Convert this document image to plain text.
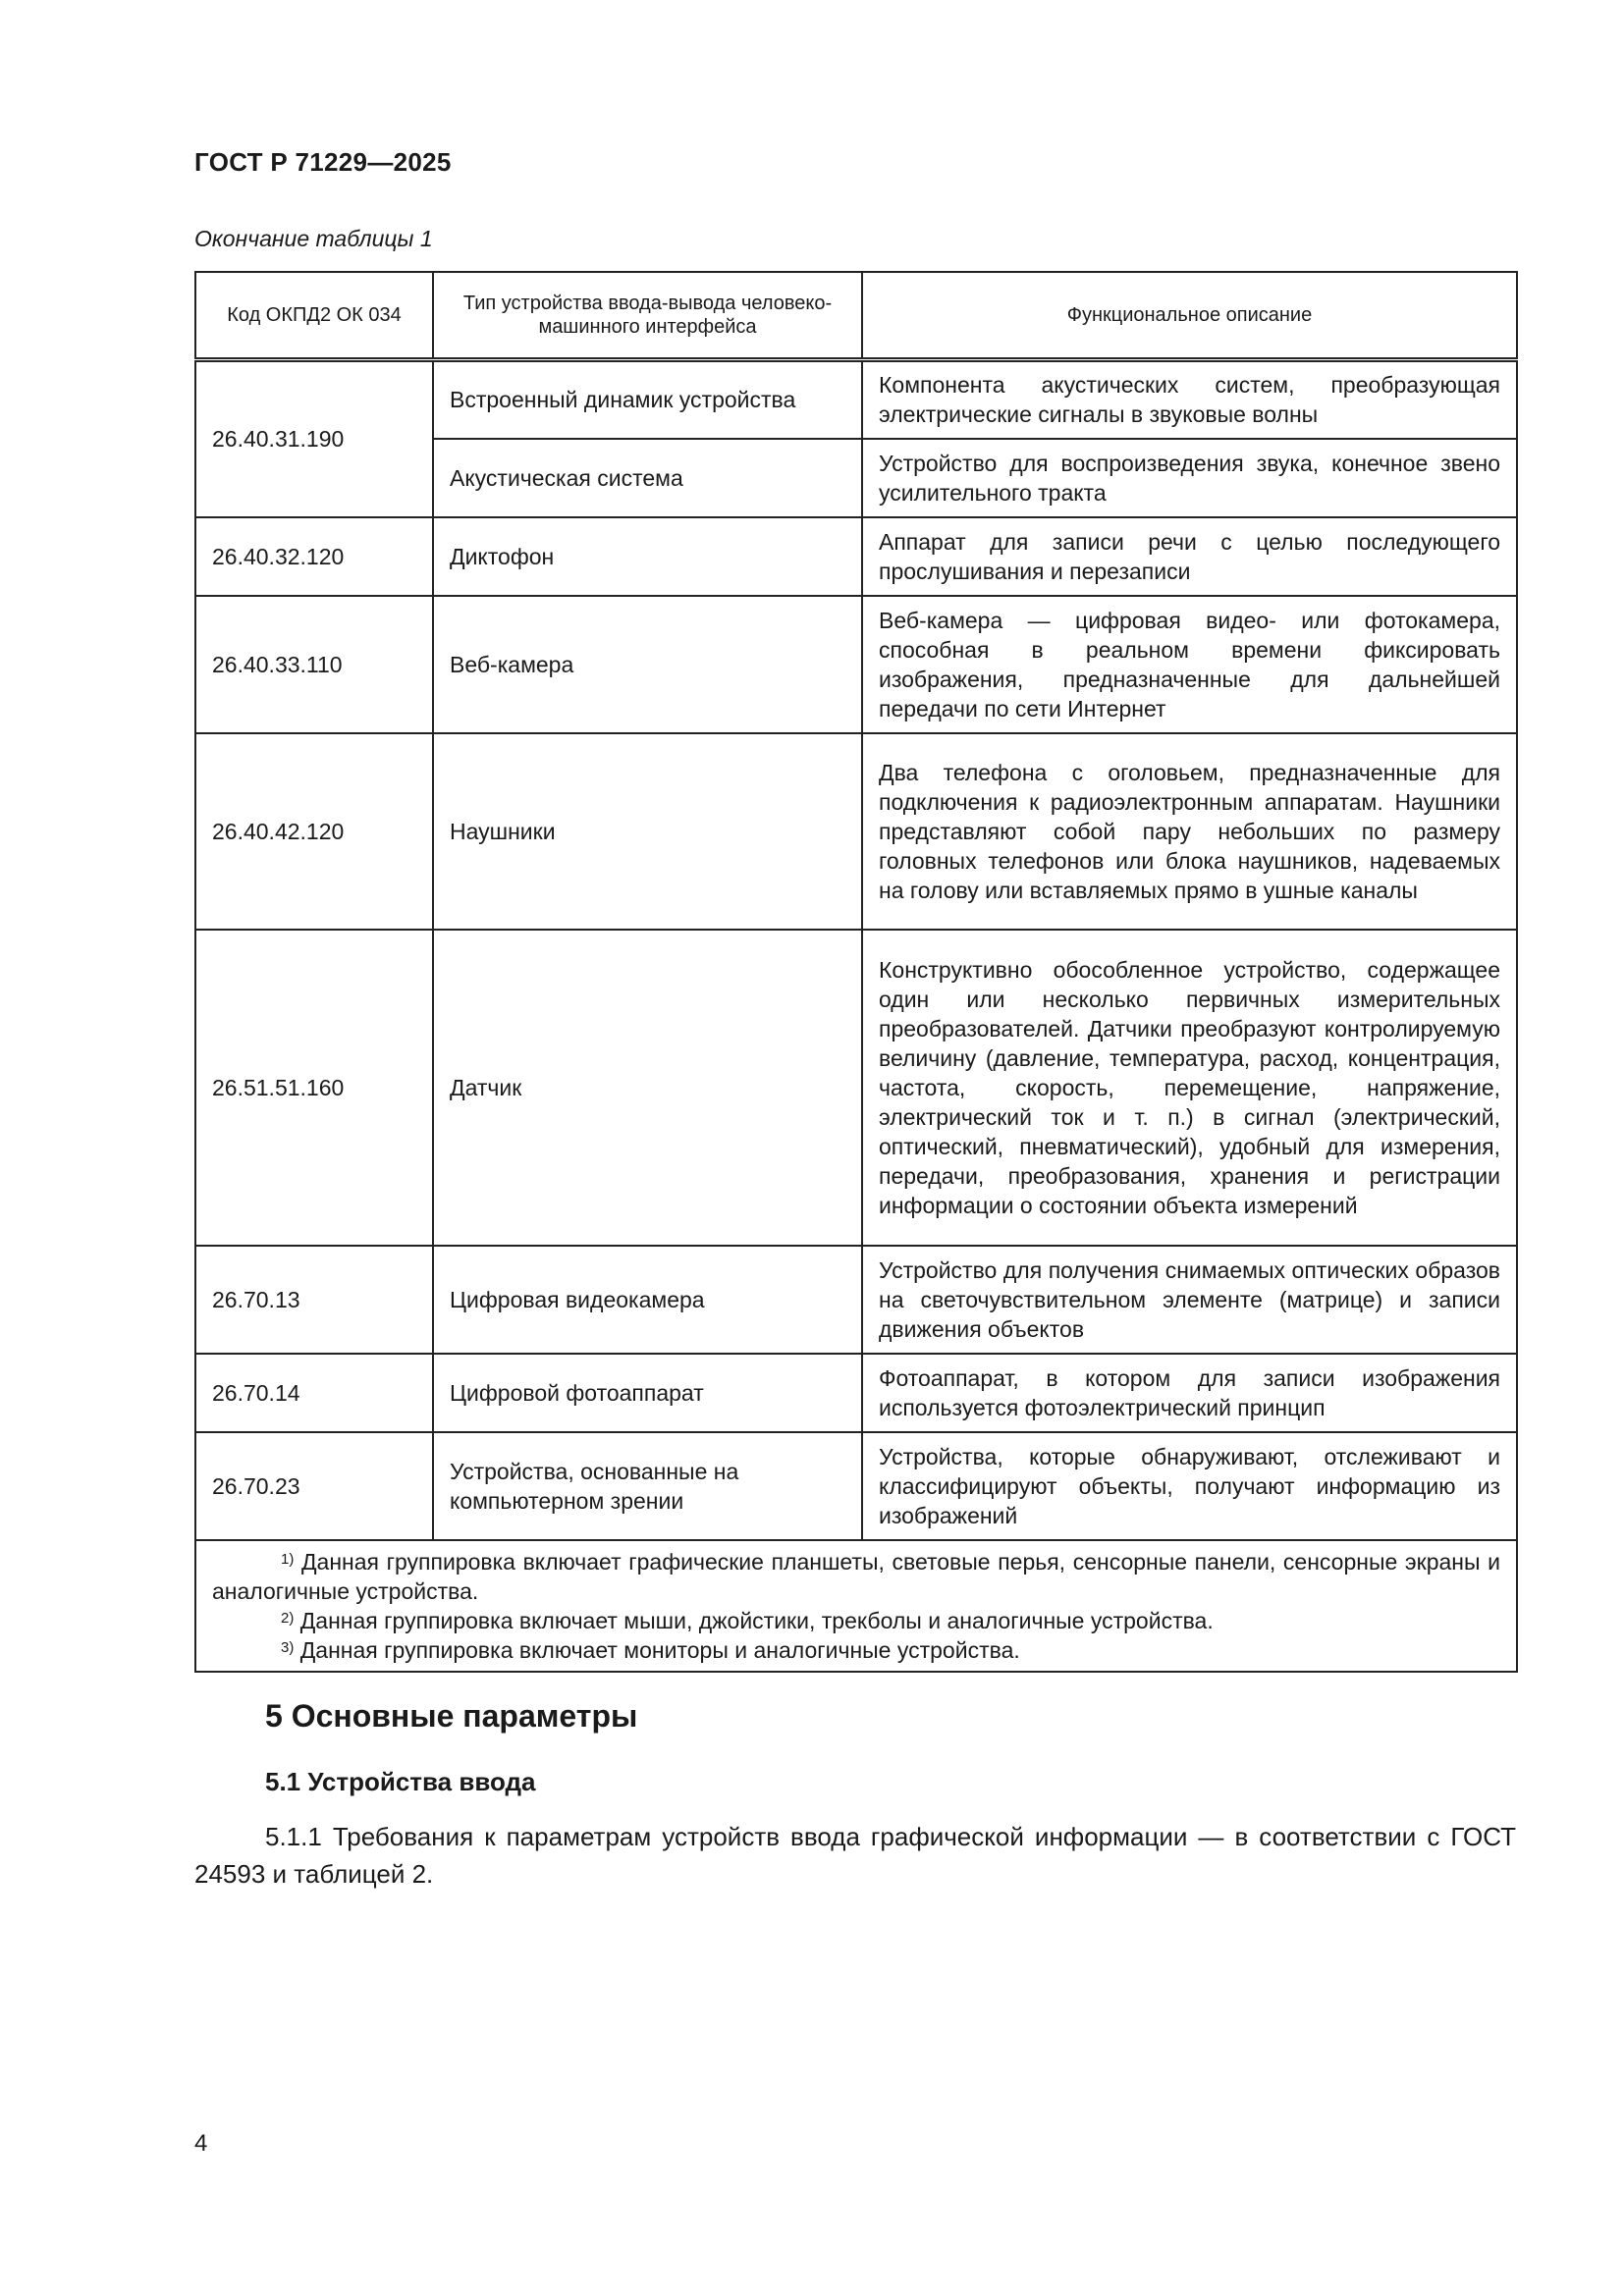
ГОСТ Р 71229—2025
Окончание таблицы 1
Код ОКПД2 ОК 034	Тип устройства ввода-вывода человеко-машинного интерфейса	Функциональное описание
26.40.31.190	Встроенный динамик устройства	Компонента акустических систем, преобразующая электрические сигналы в звуковые волны
	Акустическая система	Устройство для воспроизведения звука, конечное звено усилительного тракта
26.40.32.120	Диктофон	Аппарат для записи речи с целью последующего прослушивания и перезаписи
26.40.33.110	Веб-камера	Веб-камера — цифровая видео- или фотокамера, способная в реальном времени фиксировать изображения, предназначенные для дальнейшей передачи по сети Интернет
26.40.42.120	Наушники	Два телефона с оголовьем, предназначенные для подключения к радиоэлектронным аппаратам. Наушники представляют собой пару небольших по размеру головных телефонов или блока наушников, надеваемых на голову или вставляемых прямо в ушные каналы
26.51.51.160	Датчик	Конструктивно обособленное устройство, содержащее один или несколько первичных измерительных преобразователей. Датчики преобразуют контролируемую величину (давление, температура, расход, концентрация, частота, скорость, перемещение, напряжение, электрический ток и т. п.) в сигнал (электрический, оптический, пневматический), удобный для измерения, передачи, преобразования, хранения и регистрации информации о состоянии объекта измерений
26.70.13	Цифровая видеокамера	Устройство для получения снимаемых оптических образов на светочувствительном элементе (матрице) и записи движения объектов
26.70.14	Цифровой фотоаппарат	Фотоаппарат, в котором для записи изображения используется фотоэлектрический принцип
26.70.23	Устройства, основанные на компьютерном зрении	Устройства, которые обнаруживают, отслеживают и классифицируют объекты, получают информацию из изображений

$^{1)}$ Данная группировка включает графические планшеты, световые перья, сенсорные панели, сенсорные экраны и аналогичные устройства.
$^{2)}$ Данная группировка включает мыши, джойстики, трекболы и аналогичные устройства.
$^{3)}$ Данная группировка включает мониторы и аналогичные устройства.		
5 Основные параметры
5.1 Устройства ввода
5.1.1 Требования к параметрам устройств ввода графической информации — в соответствии с ГОСТ 24593 и таблицей 2.
4
